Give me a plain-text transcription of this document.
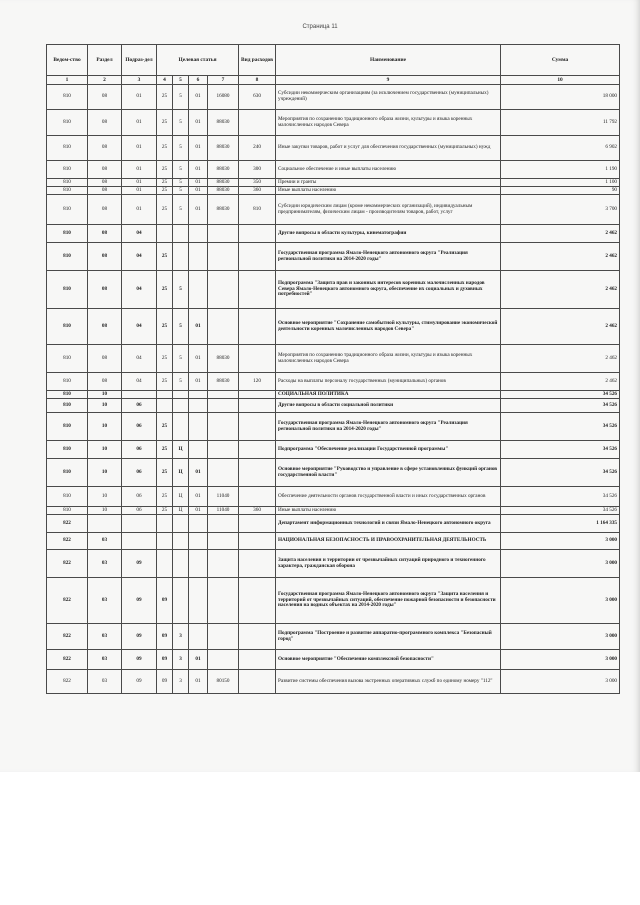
Страница 11
Ведом-ство	Раздел	Подраз-дел	Целевая статья				Вид расходов	Наименование	Сумма
1	2	3	4	5	6	7	8	9	10
810	08	01	25	5	01	16080	630	Субсидии некоммерческим организациям (за исключением государственных (муниципальных) учреждений)	18 000
810	08	01	25	5	01	88030		Мероприятия по сохранению традиционного образа жизни, культуры и языка коренных малочисленных народов Севера	11 792
810	08	01	25	5	01	88030	240	Иные закупки товаров, работ и услуг для обеспечения государственных (муниципальных) нужд	6 902
810	08	01	25	5	01	88030	300	Социальное обеспечение и иные выплаты населению	1 190
810	08	01	25	5	01	88030	350	Премии и гранты	1 100
810	08	01	25	5	01	88030	360	Иные выплаты населению	90
810	08	01	25	5	01	88030	810	Субсидии юридическим лицам (кроме некоммерческих организаций), индивидуальным предпринимателям, физическим лицам - производителям товаров, работ, услуг	3 700
810	08	04						Другие вопросы в области культуры, кинематографии	2 462
810	08	04	25					Государственная программа Ямало-Ненецкого автономного округа "Реализация региональной политики на 2014-2020 годы"	2 462
810	08	04	25	5				Подпрограмма "Защита прав и законных интересов коренных малочисленных народов Севера Ямало-Ненецкого автономного округа, обеспечение их социальных и духовных потребностей"	2 462
810	08	04	25	5	01			Основное мероприятие "Сохранение самобытной культуры, стимулирование экономической деятельности коренных малочисленных народов Севера"	2 462
810	08	04	25	5	01	88030		Мероприятия по сохранению традиционного образа жизни, культуры и языка коренных малочисленных народов Севера	2 462
810	08	04	25	5	01	88030	120	Расходы на выплаты персоналу государственных (муниципальных) органов	2 462
810	10							СОЦИАЛЬНАЯ ПОЛИТИКА	34 526
810	10	06						Другие вопросы в области социальной политики	34 526
810	10	06	25					Государственная программа Ямало-Ненецкого автономного округа "Реализация региональной политики на 2014-2020 годы"	34 526
810	10	06	25	Ц				Подпрограмма "Обеспечение реализации Государственной программы"	34 526
810	10	06	25	Ц	01			Основное мероприятие "Руководство и управление в сфере установленных функций органов государственной власти"	34 526
810	10	06	25	Ц	01	11040		Обеспечение деятельности органов государственной власти и иных государственных органов	34 526
810	10	06	25	Ц	01	11040	360	Иные выплаты населению	34 526
822								Департамент информационных технологий и связи Ямало-Ненецкого автономного округа	1 164 335
822	03							НАЦИОНАЛЬНАЯ БЕЗОПАСНОСТЬ И ПРАВООХРАНИТЕЛЬНАЯ ДЕЯТЕЛЬНОСТЬ	3 000
822	03	09						Защита населения и территории от чрезвычайных ситуаций природного и техногенного характера, гражданская оборона	3 000
822	03	09	09					Государственная программа Ямало-Ненецкого автономного округа "Защита населения и территорий от чрезвычайных ситуаций, обеспечение пожарной безопасности и безопасности населения на водных объектах на 2014-2020 годы"	3 000
822	03	09	09	3				Подпрограмма "Построение и развитие аппаратно-программного комплекса "Безопасный город"	3 000
822	03	09	09	3	01			Основное мероприятие "Обеспечение комплексной безопасности"	3 000
822	03	09	09	3	01	80150		Развитие системы обеспечения вызова экстренных оперативных служб по единому номеру "112"	3 000
